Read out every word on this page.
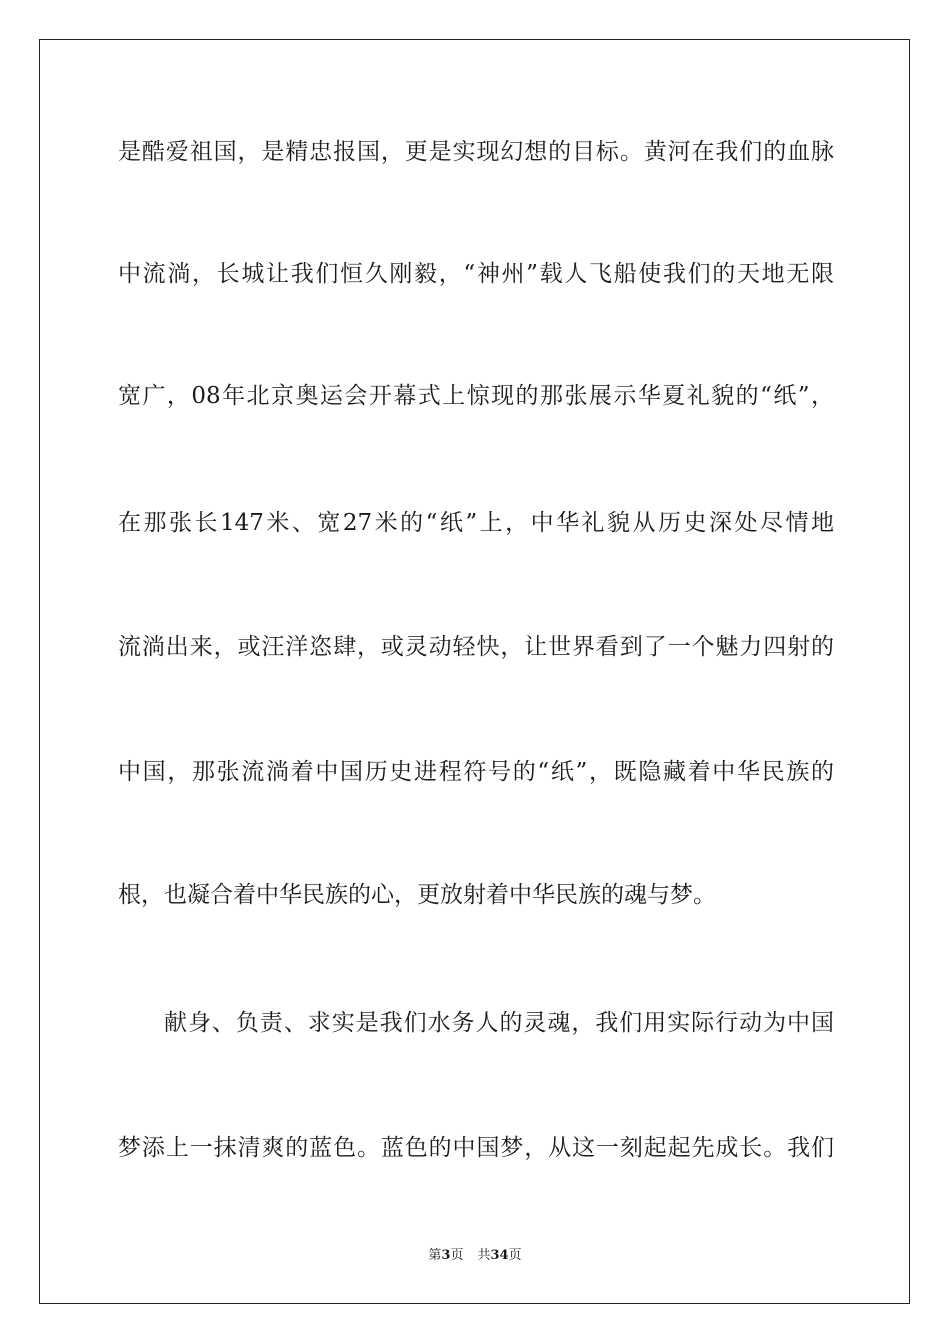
是酷爱祖国，是精忠报国，更是实现幻想的目标。黄河在我们的血脉
中流淌，长城让我们恒久刚毅，“神州”载人飞船使我们的天地无限
宽广，08年北京奥运会开幕式上惊现的那张展示华夏礼貌的“纸”，
在那张长147米、宽27米的“纸”上，中华礼貌从历史深处尽情地
流淌出来，或汪洋恣肆，或灵动轻快，让世界看到了一个魅力四射的
中国，那张流淌着中国历史进程符号的“纸”，既隐藏着中华民族的
根，也凝合着中华民族的心，更放射着中华民族的魂与梦。
献身、负责、求实是我们水务人的灵魂，我们用实际行动为中国
梦添上一抹清爽的蓝色。蓝色的中国梦，从这一刻起起先成长。我们
第3页 共34页
